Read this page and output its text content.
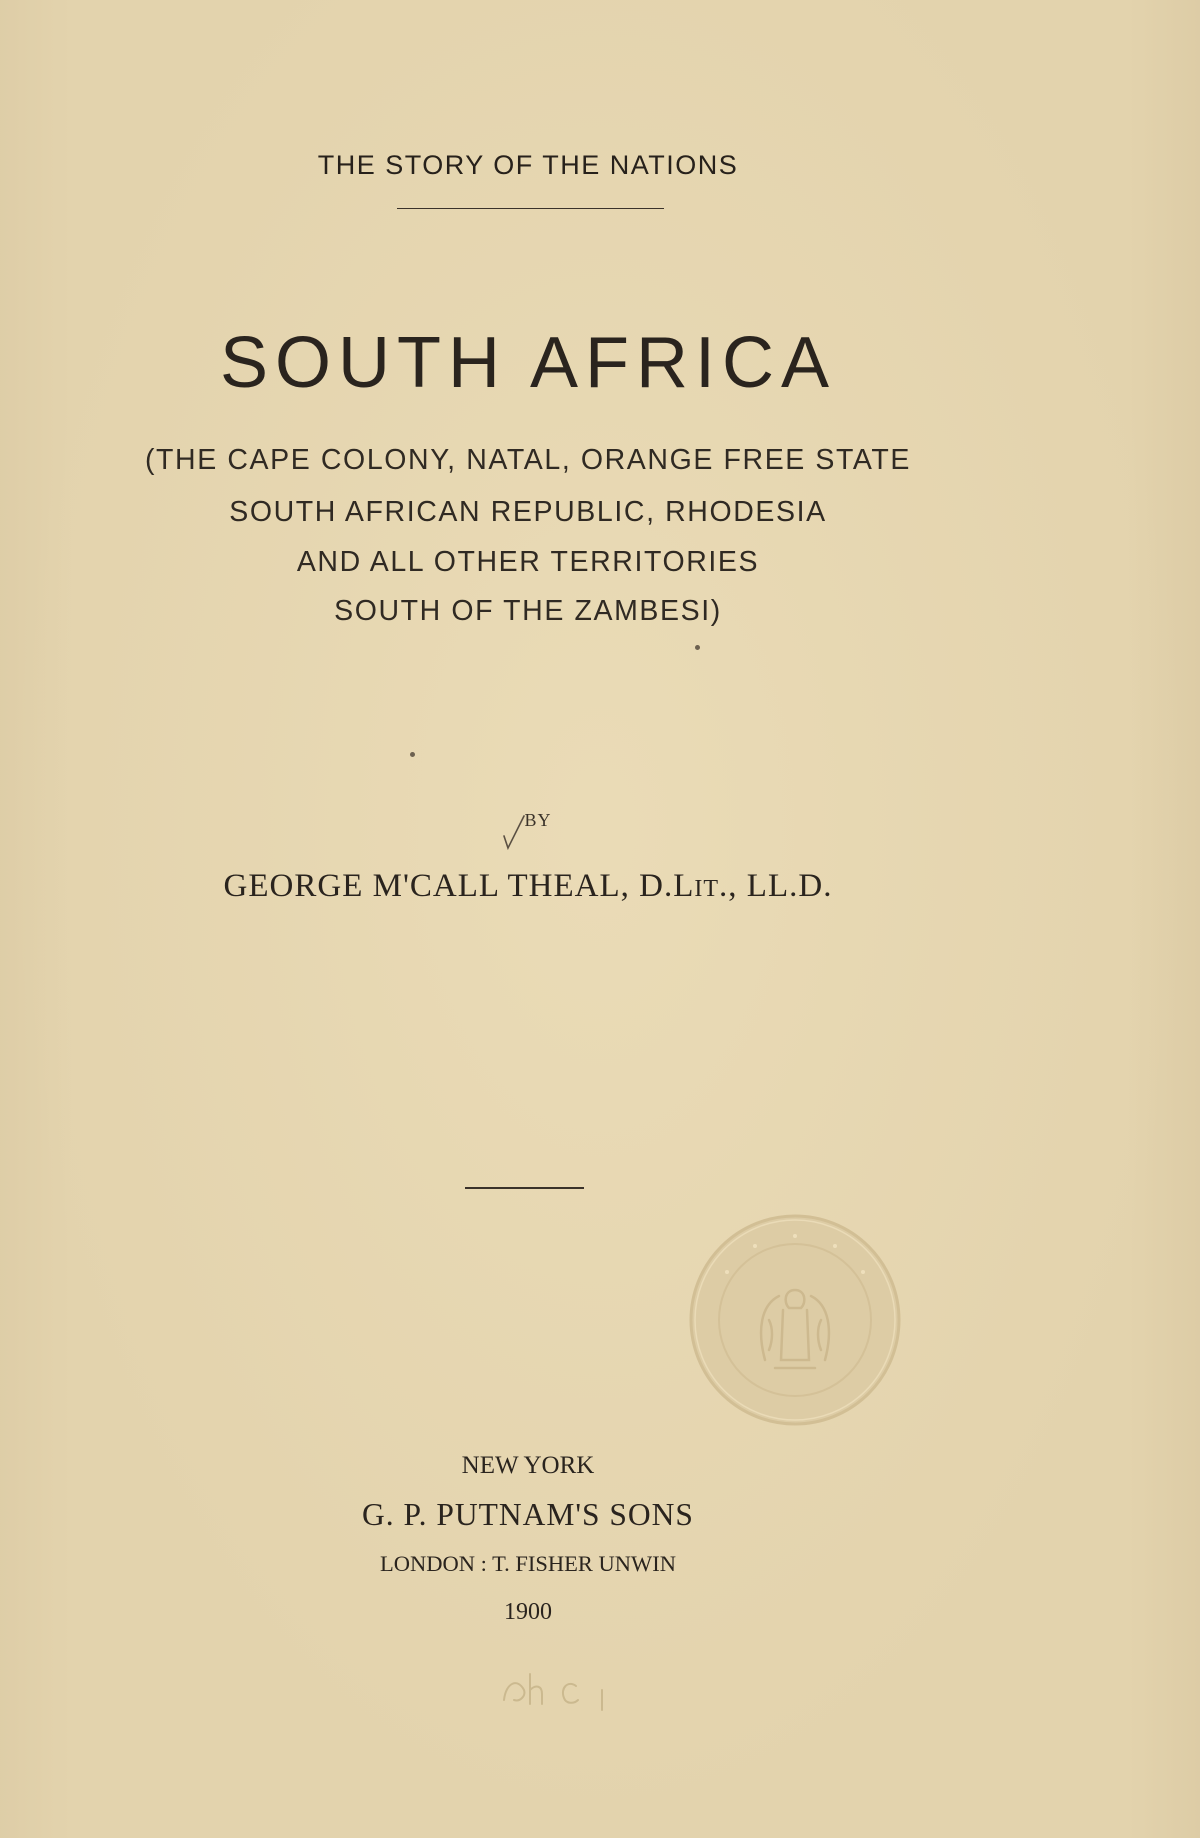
THE STORY OF THE NATIONS
SOUTH AFRICA
(THE CAPE COLONY, NATAL, ORANGE FREE STATE
SOUTH AFRICAN REPUBLIC, RHODESIA
AND ALL OTHER TERRITORIES
SOUTH OF THE ZAMBESI)
BY
GEORGE M'CALL THEAL, D.LIT., LL.D.
NEW YORK
G. P. PUTNAM'S SONS
LONDON : T. FISHER UNWIN
1900
